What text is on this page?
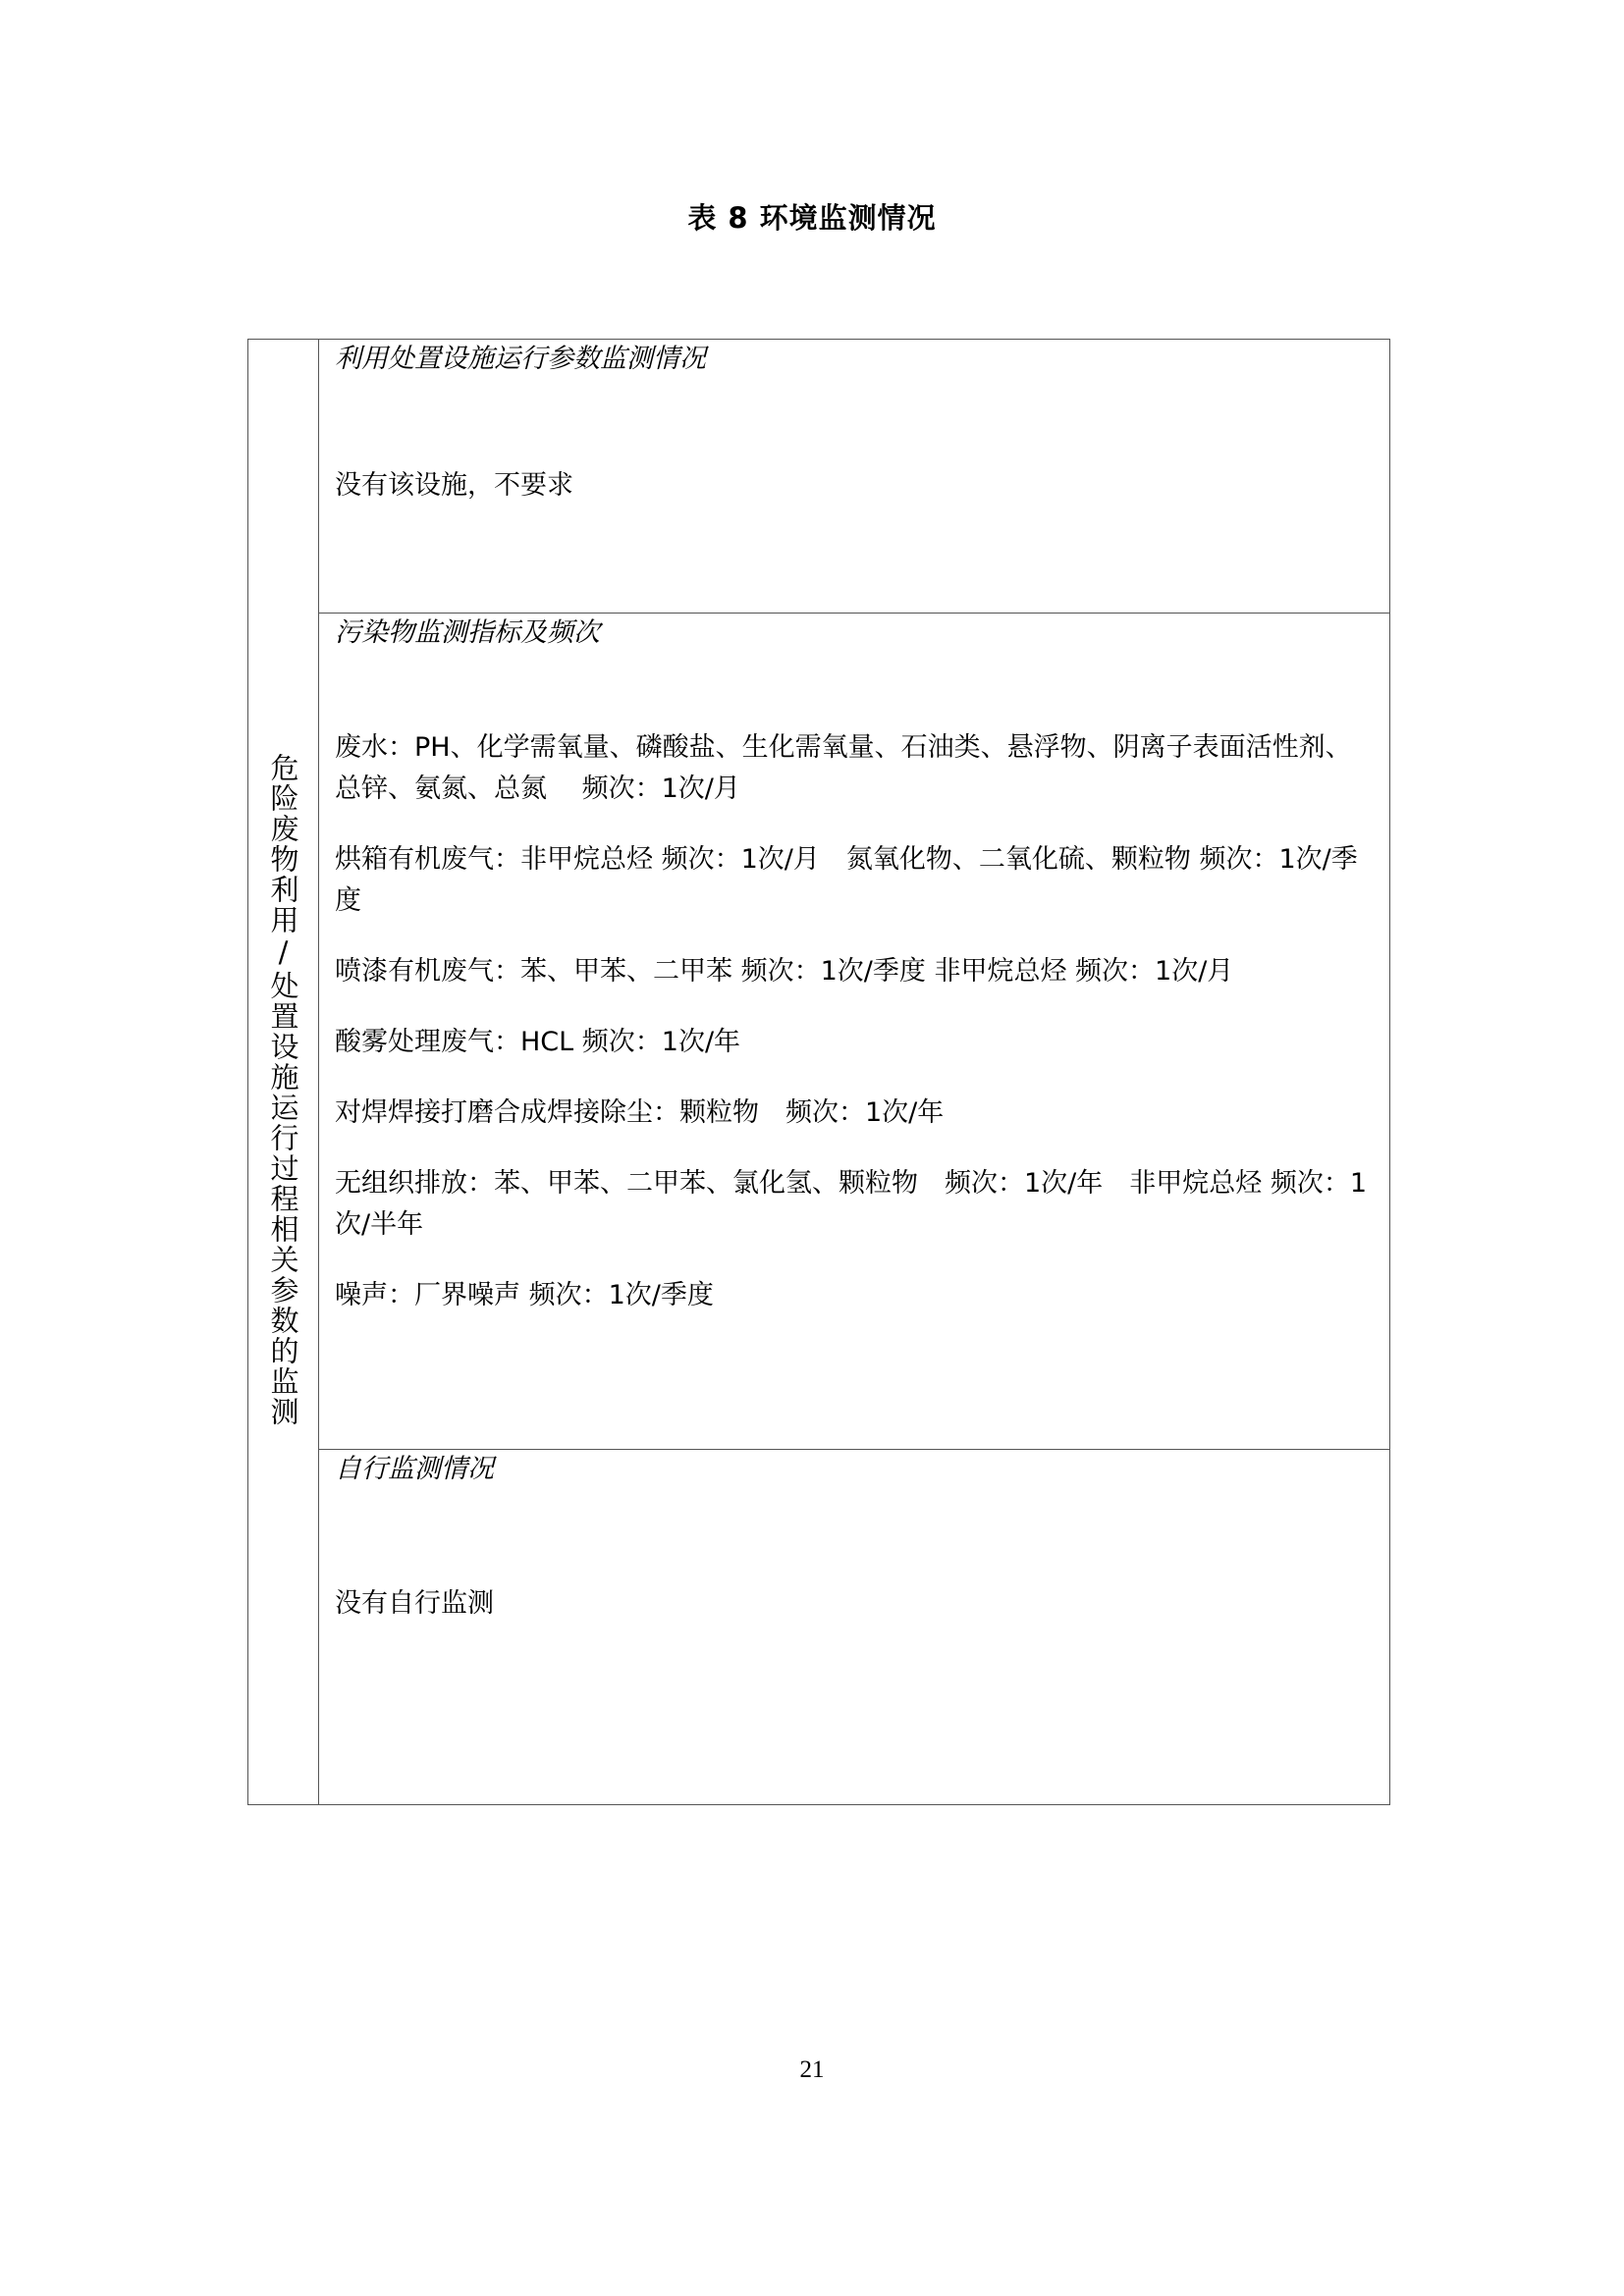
表 8 环境监测情况
危险废物利用/处置设施运行过程相关参数的监测	
利用处置设施运行参数监测情况

没有该设施，不要求

污染物监测指标及频次

废水：PH、化学需氧量、磷酸盐、生化需氧量、石油类、悬浮物、阴离子表面活性剂、总锌、氨氮、总氮　 频次：1次/月

烘箱有机废气：非甲烷总烃 频次：1次/月　氮氧化物、二氧化硫、颗粒物 频次：1次/季度

喷漆有机废气：苯、甲苯、二甲苯 频次：1次/季度 非甲烷总烃 频次：1次/月

酸雾处理废气：HCL 频次：1次/年

对焊焊接打磨合成焊接除尘：颗粒物　频次：1次/年

无组织排放：苯、甲苯、二甲苯、氯化氢、颗粒物　频次：1次/年　非甲烷总烃 频次：1次/半年

噪声：厂界噪声 频次：1次/季度

自行监测情况

没有自行监测

21
